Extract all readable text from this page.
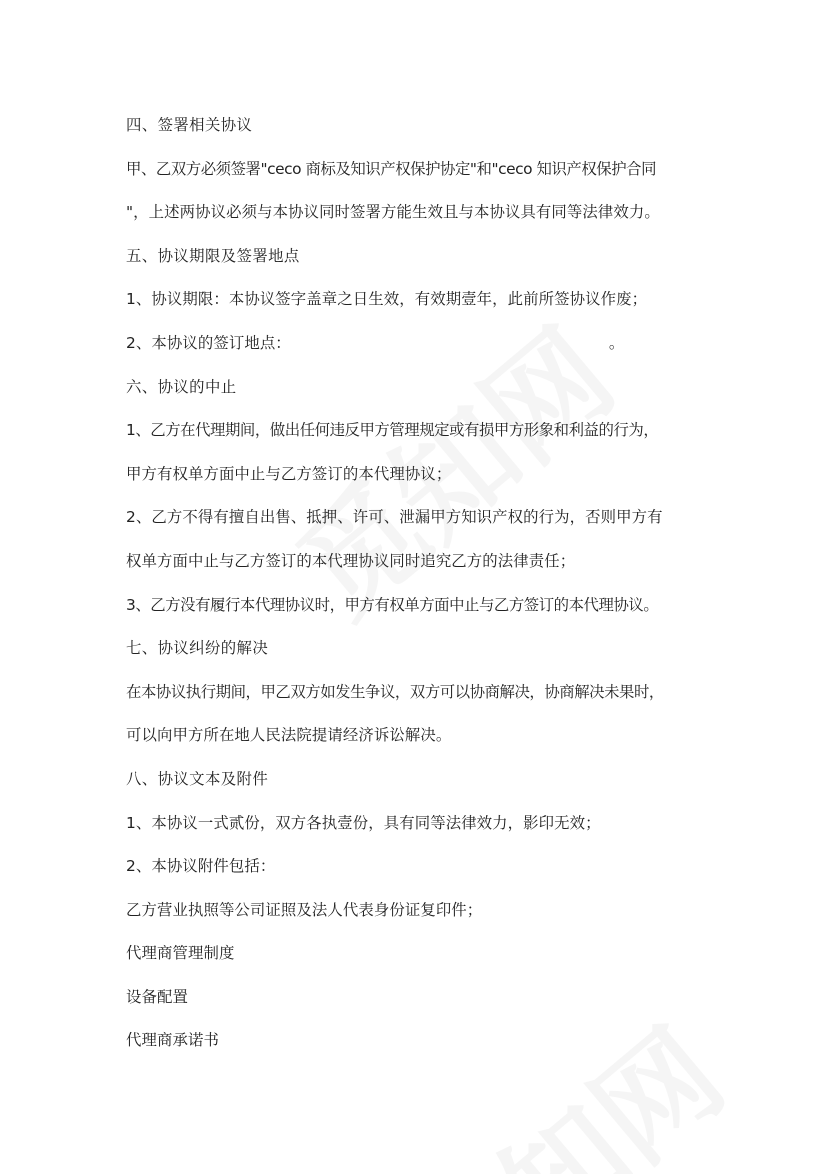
四、签署相关协议
甲、乙双方必须签署"ceco 商标及知识产权保护协定"和"ceco 知识产权保护合同
"，上述两协议必须与本协议同时签署方能生效且与本协议具有同等法律效力。
五、协议期限及签署地点
1、协议期限：本协议签字盖章之日生效，有效期壹年，此前所签协议作废；
2、本协议的签订地点：	。
六、协议的中止
1、乙方在代理期间，做出任何违反甲方管理规定或有损甲方形象和利益的行为，
甲方有权单方面中止与乙方签订的本代理协议；
2、乙方不得有擅自出售、抵押、许可、泄漏甲方知识产权的行为，否则甲方有
权单方面中止与乙方签订的本代理协议同时追究乙方的法律责任；
3、乙方没有履行本代理协议时，甲方有权单方面中止与乙方签订的本代理协议。
七、协议纠纷的解决
在本协议执行期间，甲乙双方如发生争议，双方可以协商解决，协商解决未果时，
可以向甲方所在地人民法院提请经济诉讼解决。
八、协议文本及附件
1、本协议一式贰份，双方各执壹份，具有同等法律效力，影印无效；
2、本协议附件包括：
乙方营业执照等公司证照及法人代表身份证复印件；
代理商管理制度
设备配置
代理商承诺书
